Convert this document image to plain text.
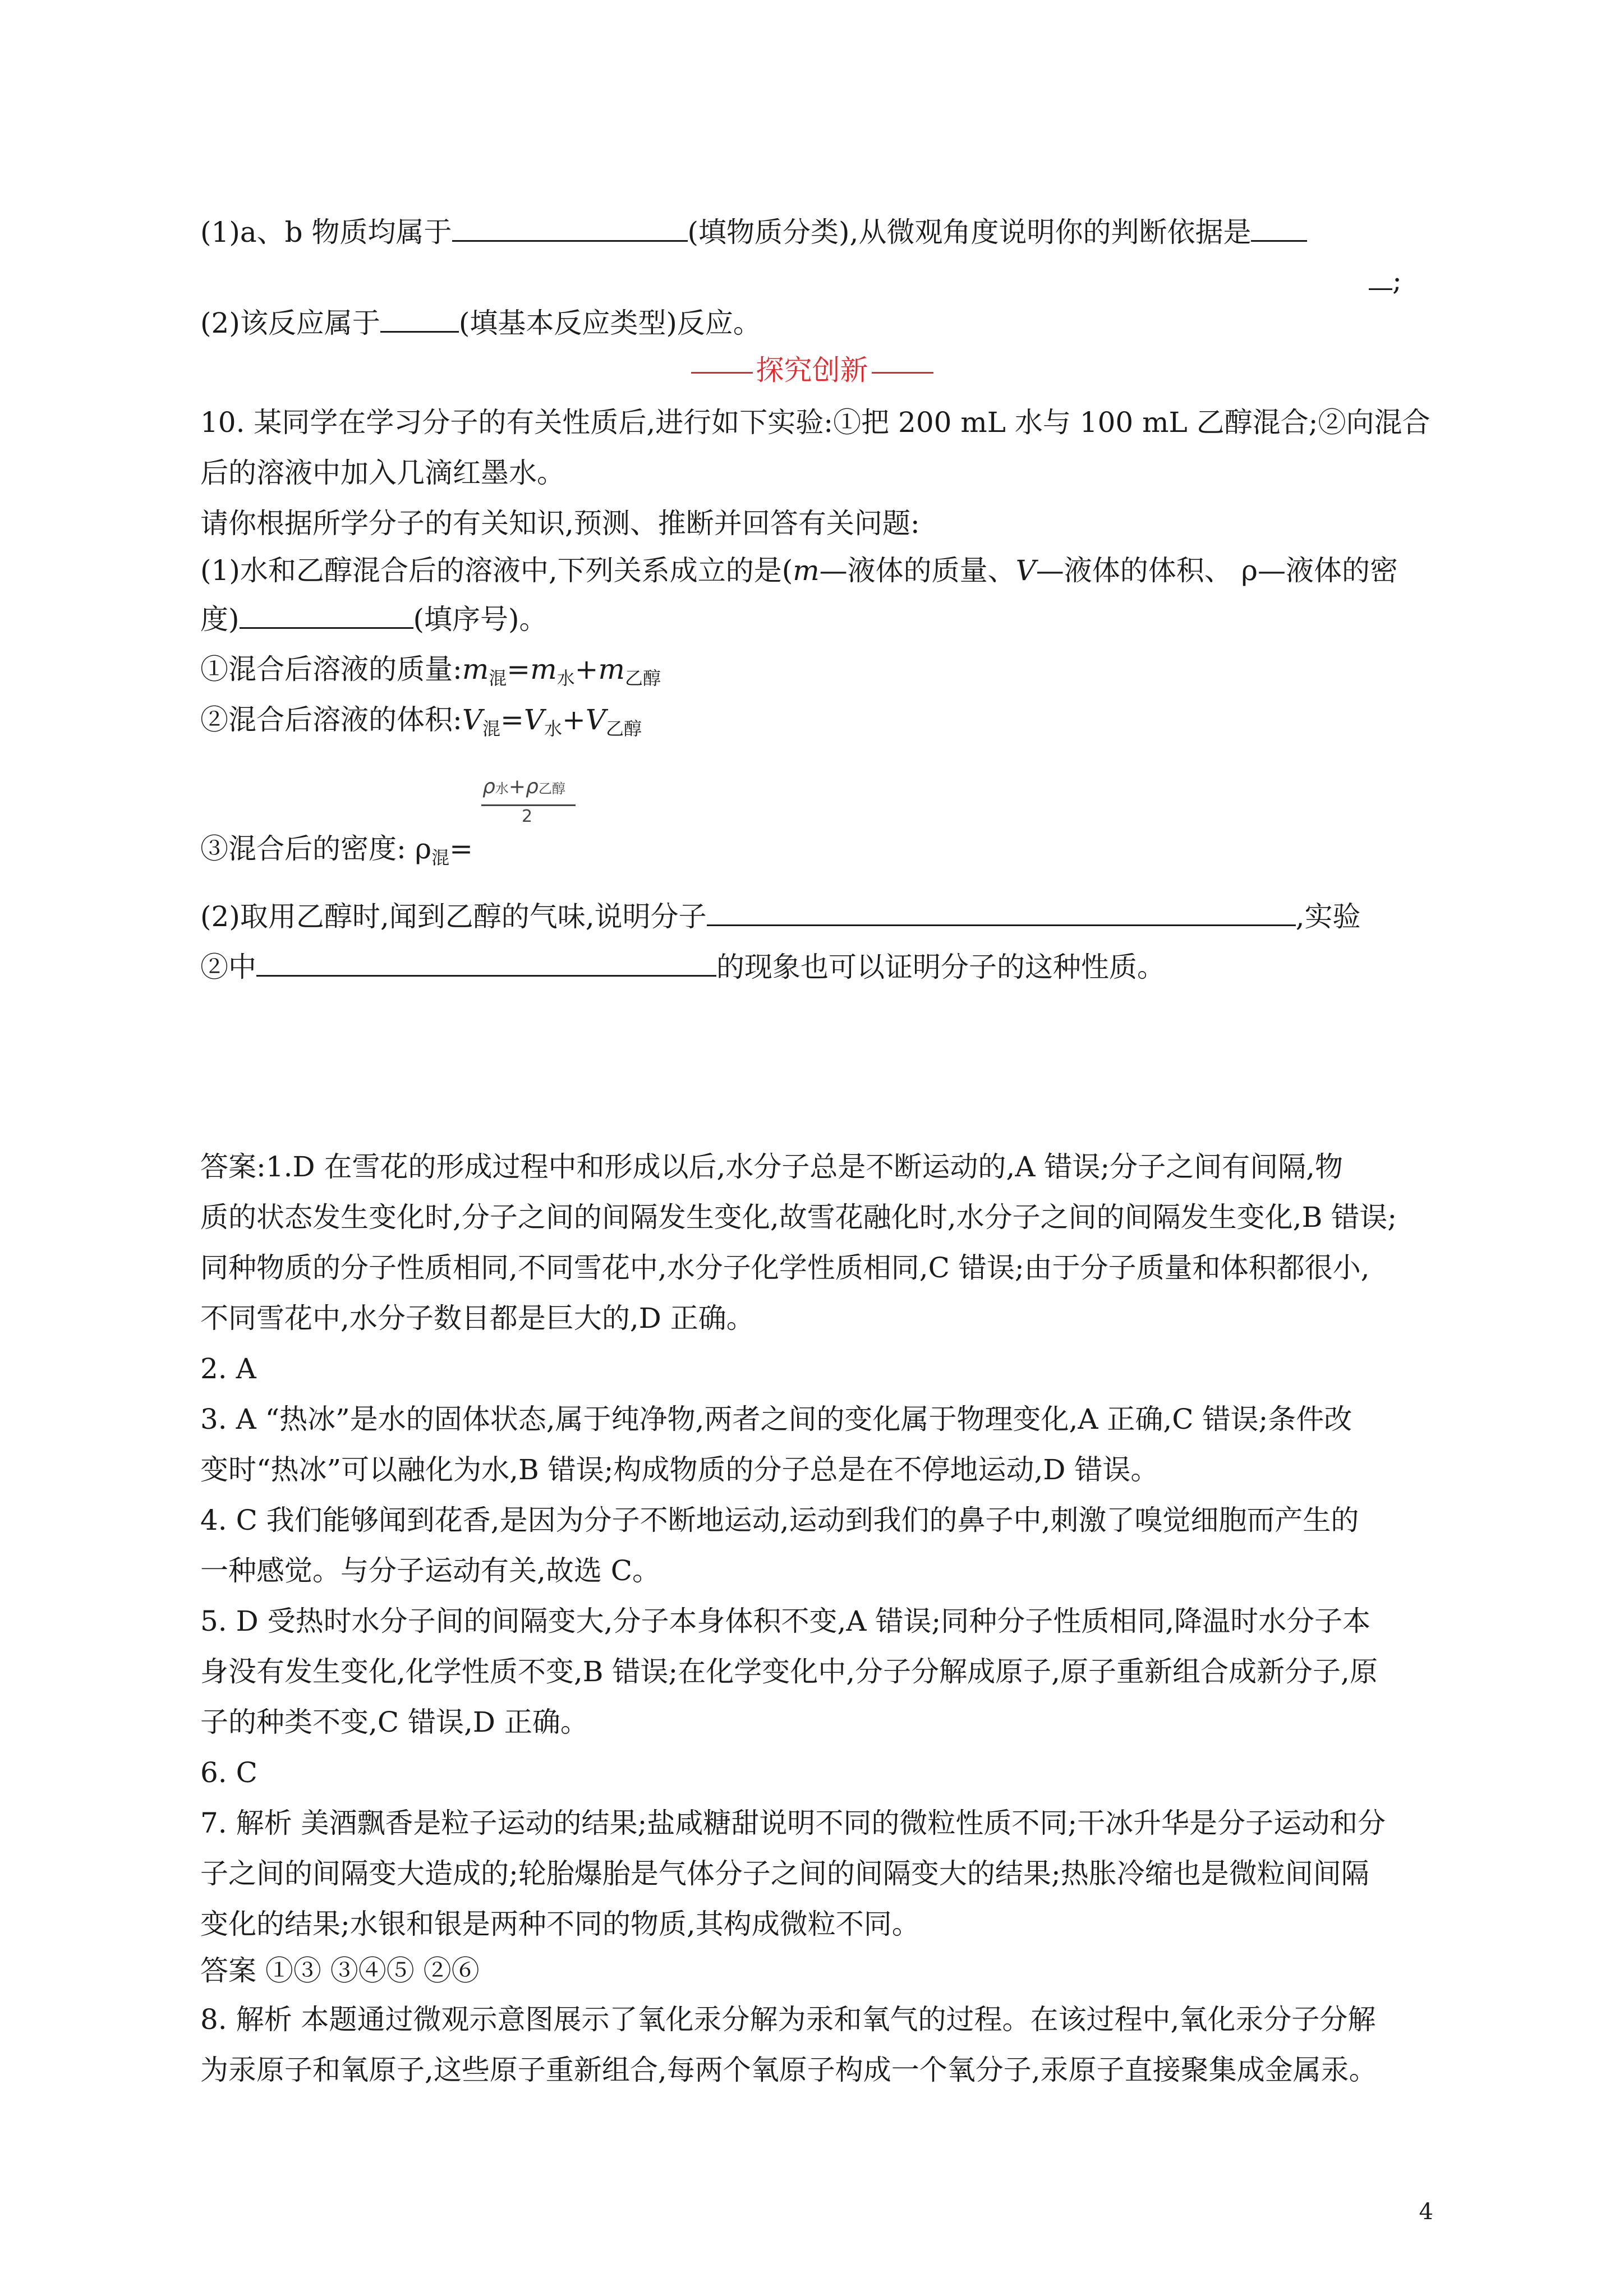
(1)a、b 物质均属于	(填物质分类),从微观角度说明你的判断依据是
;
(2)该反应属于	(填基本反应类型)反应。
探究创新
10. 某同学在学习分子的有关性质后,进行如下实验:①把 200 mL 水与 100 mL 乙醇混合;②向混合
后的溶液中加入几滴红墨水。
请你根据所学分子的有关知识,预测、推断并回答有关问题:
(1)水和乙醇混合后的溶液中,下列关系成立的是(m—液体的质量、V—液体的体积、 ρ—液体的密
度)	(填序号)。
①混合后溶液的质量$:m_混=m_水+m_{乙醇}$
②混合后溶液的体积$:V_混=V_水+V_{乙醇}$
③混合后的密度: $\rho_混=$
ρ水+ρ乙醇
2
(2)取用乙醇时,闻到乙醇的气味,说明分子	,实验
②中	的现象也可以证明分子的这种性质。
答案:1.D 在雪花的形成过程中和形成以后,水分子总是不断运动的,A 错误;分子之间有间隔,物
质的状态发生变化时,分子之间的间隔发生变化,故雪花融化时,水分子之间的间隔发生变化,B 错误;
同种物质的分子性质相同,不同雪花中,水分子化学性质相同,C 错误;由于分子质量和体积都很小,
不同雪花中,水分子数目都是巨大的,D 正确。
2. A
3. A “热冰”是水的固体状态,属于纯净物,两者之间的变化属于物理变化,A 正确,C 错误;条件改
变时“热冰”可以融化为水,B 错误;构成物质的分子总是在不停地运动,D 错误。
4. C 我们能够闻到花香,是因为分子不断地运动,运动到我们的鼻子中,刺激了嗅觉细胞而产生的
一种感觉。与分子运动有关,故选 C。
5. D 受热时水分子间的间隔变大,分子本身体积不变,A 错误;同种分子性质相同,降温时水分子本
身没有发生变化,化学性质不变,B 错误;在化学变化中,分子分解成原子,原子重新组合成新分子,原
子的种类不变,C 错误,D 正确。
6. C
7. 解析 美酒飘香是粒子运动的结果;盐咸糖甜说明不同的微粒性质不同;干冰升华是分子运动和分
子之间的间隔变大造成的;轮胎爆胎是气体分子之间的间隔变大的结果;热胀冷缩也是微粒间间隔
变化的结果;水银和银是两种不同的物质,其构成微粒不同。
答案 ①③ ③④⑤ ②⑥
8. 解析 本题通过微观示意图展示了氧化汞分解为汞和氧气的过程。在该过程中,氧化汞分子分解
为汞原子和氧原子,这些原子重新组合,每两个氧原子构成一个氧分子,汞原子直接聚集成金属汞。
4
